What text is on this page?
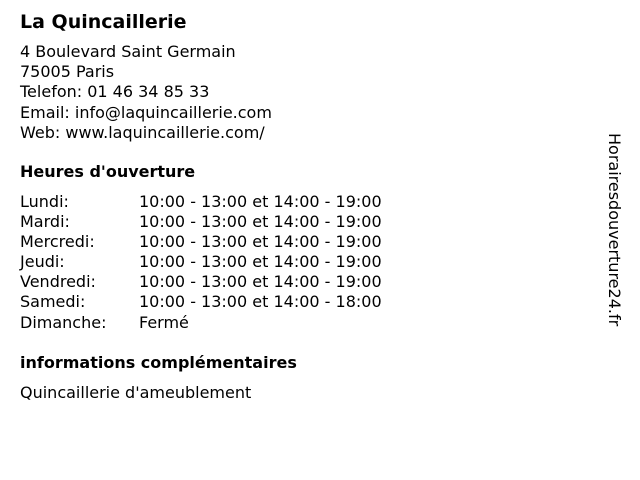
La Quincaillerie
4 Boulevard Saint Germain
75005 Paris
Telefon: 01 46 34 85 33
Email: info@laquincaillerie.com
Web: www.laquincaillerie.com/
Heures d'ouverture
Lundi:	10:00 - 13:00 et 14:00 - 19:00
Mardi:	10:00 - 13:00 et 14:00 - 19:00
Mercredi:	10:00 - 13:00 et 14:00 - 19:00
Jeudi:	10:00 - 13:00 et 14:00 - 19:00
Vendredi:	10:00 - 13:00 et 14:00 - 19:00
Samedi:	10:00 - 13:00 et 14:00 - 18:00
Dimanche:	Fermé
informations complémentaires
Quincaillerie d'ameublement
Horairesdouverture24.fr
